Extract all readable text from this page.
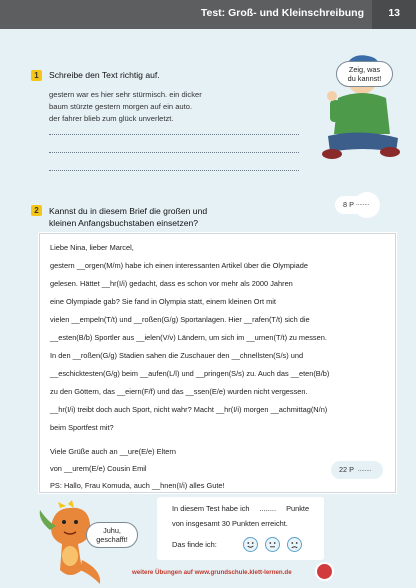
Test: Groß- und Kleinschreibung 13
1	Schreibe den Text richtig auf.
gestern war es hier sehr stürmisch. ein dicker
baum stürzte gestern morgen auf ein auto.
der fahrer blieb zum glück unverletzt.
Zeig, was
du kannst!
2	Kannst du in diesem Brief die großen und
kleinen Anfangsbuchstaben einsetzen?
8 P ........
Liebe Nina, lieber Marcel,
gestern __orgen(M/m) habe ich einen interessanten Artikel über die Olympiade
gelesen. Hättet __hr(I/i) gedacht, dass es schon vor mehr als 2000 Jahren
eine Olympiade gab? Sie fand in Olympia statt, einem kleinen Ort mit
vielen __empeln(T/t) und __roßen(G/g) Sportanlagen. Hier __rafen(T/t) sich die
__esten(B/b) Sportler aus __ielen(V/v) Ländern, um sich im __urnen(T/t) zu messen.
In den __roßen(G/g) Stadien sahen die Zuschauer den __chnellsten(S/s) und
__eschicktesten(G/g) beim __aufen(L/l) und __pringen(S/s) zu. Auch das __eten(B/b)
zu den Göttern, das __eiern(F/f) und das __ssen(E/e) wurden nicht vergessen.
__hr(I/i) treibt doch auch Sport, nicht wahr? Macht __hr(I/i) morgen __achmittag(N/n)
beim Sportfest mit?
Viele Grüße auch an __ure(E/e) Eltern
von __urem(E/e) Cousin Emil
PS: Hallo, Frau Komuda, auch __hnen(I/i) alles Gute!
22 P ........
Juhu,
geschafft!
In diesem Test habe ich ........ Punkte
von insgesamt 30 Punkten erreicht.
Das finde ich:
weitere Übungen auf www.grundschule.klett-lernen.de
